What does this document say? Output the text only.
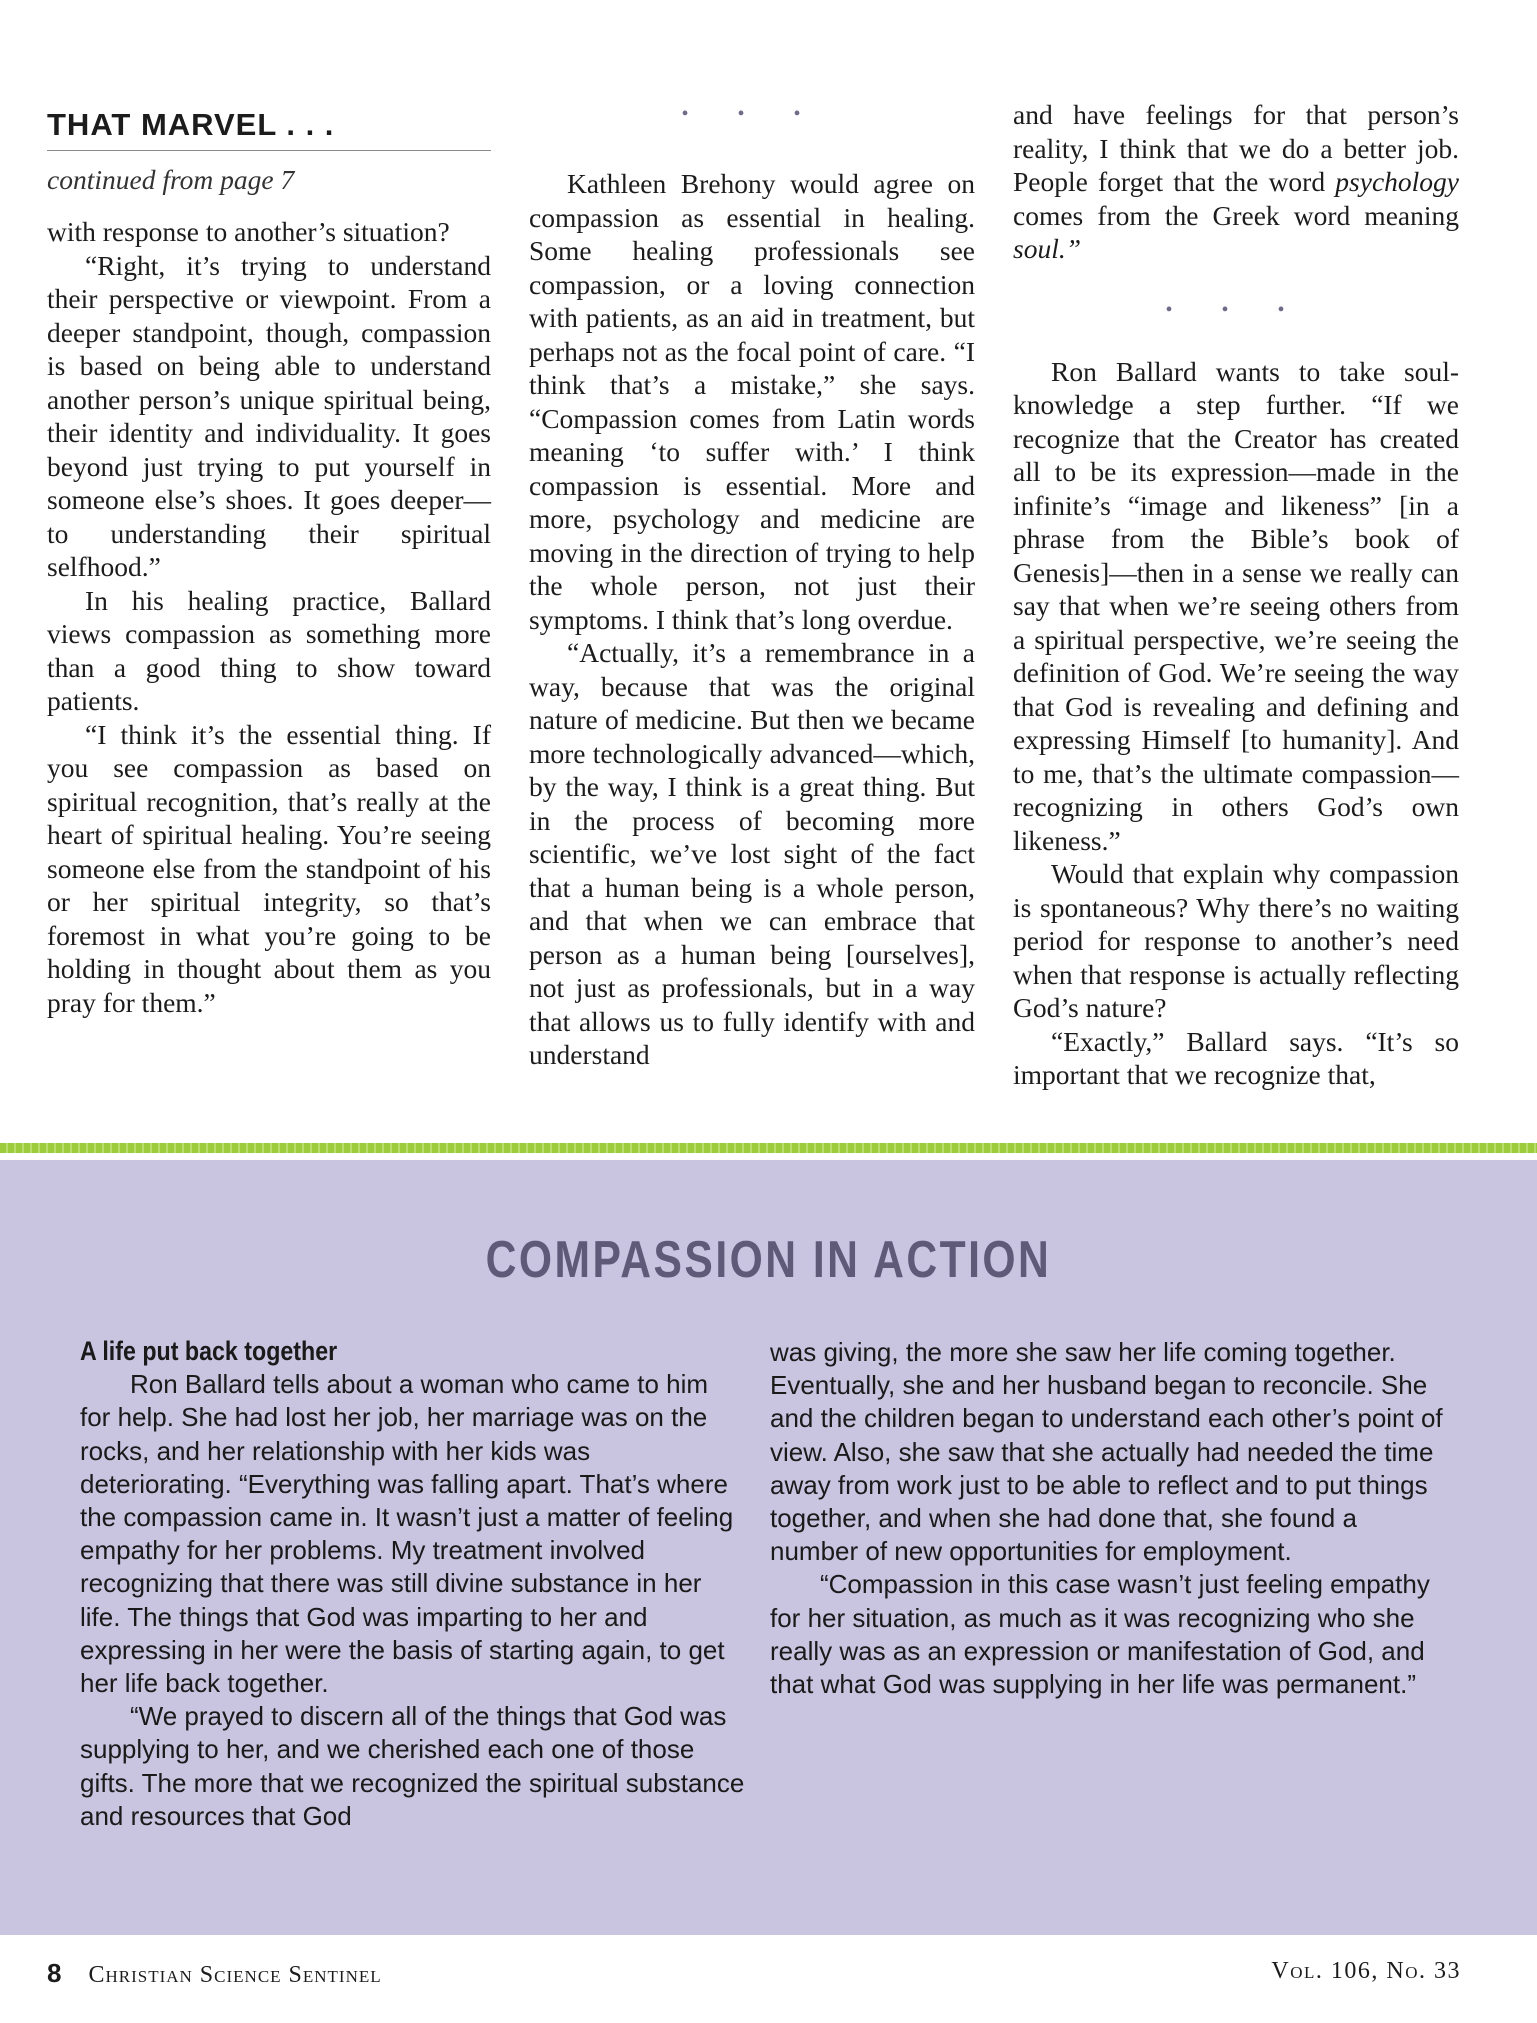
THAT MARVEL . . .
continued from page 7

with response to another’s situation?

“Right, it’s trying to understand their perspective or viewpoint. From a deeper standpoint, though, compassion is based on being able to understand another person’s unique spiritual being, their identity and individuality. It goes beyond just trying to put yourself in someone else’s shoes. It goes deeper—to understanding their spiritual selfhood.”

In his healing practice, Ballard views compassion as something more than a good thing to show toward patients.

“I think it’s the essential thing. If you see compassion as based on spiritual recognition, that’s really at the heart of spiritual healing. You’re seeing someone else from the standpoint of his or her spiritual integrity, so that’s foremost in what you’re going to be holding in thought about them as you pray for them.”

• • •

Kathleen Brehony would agree on compassion as essential in healing. Some healing professionals see compassion, or a loving connection with patients, as an aid in treatment, but perhaps not as the focal point of care. “I think that’s a mistake,” she says. “Compassion comes from Latin words meaning ‘to suffer with.’ I think compassion is essential. More and more, psychology and medicine are moving in the direction of trying to help the whole person, not just their symptoms. I think that’s long overdue.

“Actually, it’s a remembrance in a way, because that was the original nature of medicine. But then we became more technologically advanced—which, by the way, I think is a great thing. But in the process of becoming more scientific, we’ve lost sight of the fact that a human being is a whole person, and that when we can embrace that person as a human being [ourselves], not just as professionals, but in a way that allows us to fully identify with and understand

and have feelings for that person’s reality, I think that we do a better job. People forget that the word psychology comes from the Greek word meaning soul.”

• • •

Ron Ballard wants to take soul-knowledge a step further. “If we recognize that the Creator has created all to be its expression—made in the infinite’s “image and likeness” [in a phrase from the Bible’s book of Genesis]—then in a sense we really can say that when we’re seeing others from a spiritual perspective, we’re seeing the definition of God. We’re seeing the way that God is revealing and defining and expressing Himself [to humanity]. And to me, that’s the ultimate compassion—recognizing in others God’s own likeness.”

Would that explain why compassion is spontaneous? Why there’s no waiting period for response to another’s need when that response is actually reflecting God’s nature?

“Exactly,” Ballard says. “It’s so important that we recognize that,

COMPASSION IN ACTION

A life put back together

Ron Ballard tells about a woman who came to him for help. She had lost her job, her marriage was on the rocks, and her relationship with her kids was deteriorating. “Everything was falling apart. That’s where the compassion came in. It wasn’t just a matter of feeling empathy for her problems. My treatment involved recognizing that there was still divine substance in her life. The things that God was imparting to her and expressing in her were the basis of starting again, to get her life back together.

“We prayed to discern all of the things that God was supplying to her, and we cherished each one of those gifts. The more that we recognized the spiritual substance and resources that God

was giving, the more she saw her life coming together. Eventually, she and her husband began to reconcile. She and the children began to understand each other’s point of view. Also, she saw that she actually had needed the time away from work just to be able to reflect and to put things together, and when she had done that, she found a number of new opportunities for employment.

“Compassion in this case wasn’t just feeling empathy for her situation, as much as it was recognizing who she really was as an expression or manifestation of God, and that what God was supplying in her life was permanent.”

8 Christian Science Sentinel	Vol. 106, No. 33
